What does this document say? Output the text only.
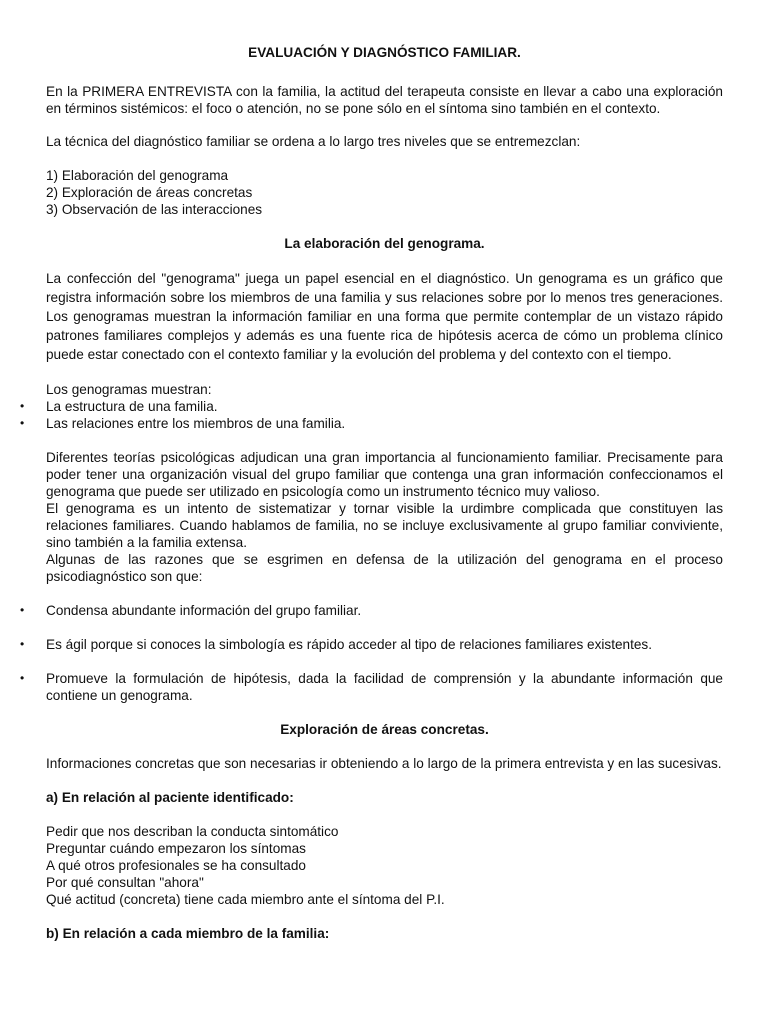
EVALUACIÓN Y DIAGNÓSTICO FAMILIAR.

En la PRIMERA ENTREVISTA con la familia, la actitud del terapeuta consiste en llevar a cabo una exploración en términos sistémicos: el foco o atención, no se pone sólo en el síntoma sino también en el contexto.

La técnica del diagnóstico familiar se ordena a lo largo tres niveles que se entremezclan:

1) Elaboración del genograma
2) Exploración de áreas concretas
3) Observación de las interacciones
La elaboración del genograma.

La confección del "genograma" juega un papel esencial en el diagnóstico. Un genograma es un gráfico que registra información sobre los miembros de una familia y sus relaciones sobre por lo menos tres generaciones. Los genogramas muestran la información familiar en una forma que permite contemplar de un vistazo rápido patrones familiares complejos y además es una fuente rica de hipótesis acerca de cómo un problema clínico puede estar conectado con el contexto familiar y la evolución del problema y del contexto con el tiempo.

Los genogramas muestran:

• La estructura de una familia.
• Las relaciones entre los miembros de una familia.

Diferentes teorías psicológicas adjudican una gran importancia al funcionamiento familiar. Precisamente para poder tener una organización visual del grupo familiar que contenga una gran información confeccionamos el genograma que puede ser utilizado en psicología como un instrumento técnico muy valioso.

El genograma es un intento de sistematizar y tornar visible la urdimbre complicada que constituyen las relaciones familiares. Cuando hablamos de familia, no se incluye exclusivamente al grupo familiar conviviente, sino también a la familia extensa.

Algunas de las razones que se esgrimen en defensa de la utilización del genograma en el proceso psicodiagnóstico son que:

• Condensa abundante información del grupo familiar.
• Es ágil porque si conoces la simbología es rápido acceder al tipo de relaciones familiares existentes.
• Promueve la formulación de hipótesis, dada la facilidad de comprensión y la abundante información que contiene un genograma.
Exploración de áreas concretas.

Informaciones concretas que son necesarias ir obteniendo a lo largo de la primera entrevista y en las sucesivas.

a) En relación al paciente identificado:
Pedir que nos describan la conducta sintomático
Preguntar cuándo empezaron los síntomas
A qué otros profesionales se ha consultado
Por qué consultan "ahora"
Qué actitud (concreta) tiene cada miembro ante el síntoma del P.I.
b) En relación a cada miembro de la familia:
